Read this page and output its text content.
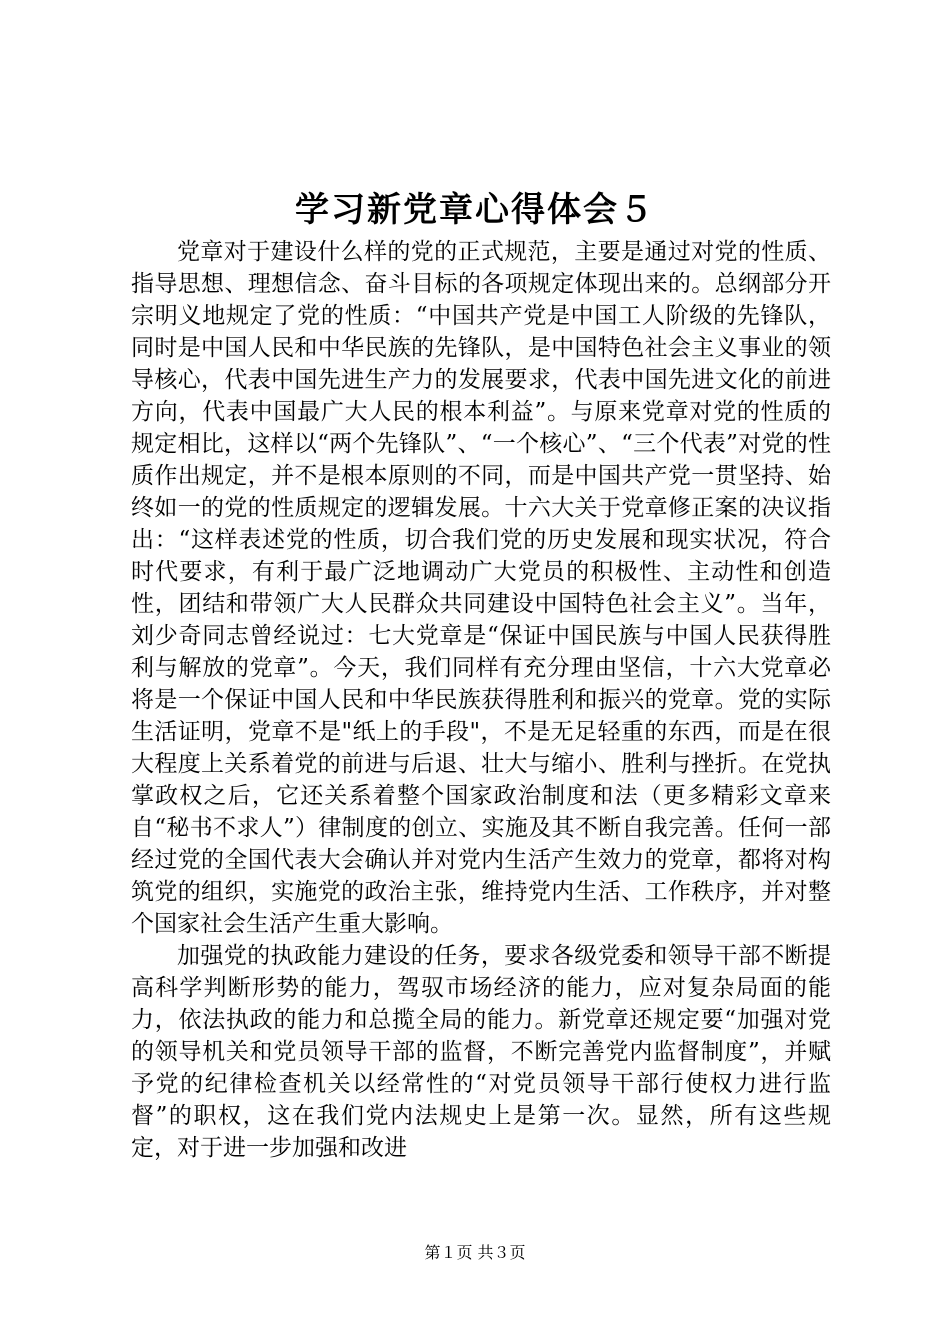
学习新党章心得体会５

党章对于建设什么样的党的正式规范，主要是通过对党的性质、指导思想、理想信念、奋斗目标的各项规定体现出来的。总纲部分开宗明义地规定了党的性质：“中国共产党是中国工人阶级的先锋队，同时是中国人民和中华民族的先锋队，是中国特色社会主义事业的领导核心，代表中国先进生产力的发展要求，代表中国先进文化的前进方向，代表中国最广大人民的根本利益”。与原来党章对党的性质的规定相比，这样以“两个先锋队”、“一个核心”、“三个代表”对党的性质作出规定，并不是根本原则的不同，而是中国共产党一贯坚持、始终如一的党的性质规定的逻辑发展。十六大关于党章修正案的决议指出：“这样表述党的性质，切合我们党的历史发展和现实状况，符合时代要求，有利于最广泛地调动广大党员的积极性、主动性和创造性，团结和带领广大人民群众共同建设中国特色社会主义”。当年，刘少奇同志曾经说过：七大党章是“保证中国民族与中国人民获得胜利与解放的党章”。今天，我们同样有充分理由坚信，十六大党章必将是一个保证中国人民和中华民族获得胜利和振兴的党章。党的实际生活证明，党章不是"纸上的手段"，不是无足轻重的东西，而是在很大程度上关系着党的前进与后退、壮大与缩小、胜利与挫折。在党执掌政权之后，它还关系着整个国家政治制度和法（更多精彩文章来自“秘书不求人”）律制度的创立、实施及其不断自我完善。任何一部经过党的全国代表大会确认并对党内生活产生效力的党章，都将对构筑党的组织，实施党的政治主张，维持党内生活、工作秩序，并对整个国家社会生活产生重大影响。

加强党的执政能力建设的任务，要求各级党委和领导干部不断提高科学判断形势的能力，驾驭市场经济的能力，应对复杂局面的能力，依法执政的能力和总揽全局的能力。新党章还规定要“加强对党的领导机关和党员领导干部的监督，不断完善党内监督制度”，并赋予党的纪律检查机关以经常性的“对党员领导干部行使权力进行监督”的职权，这在我们党内法规史上是第一次。显然，所有这些规定，对于进一步加强和改进

第１页 共３页
